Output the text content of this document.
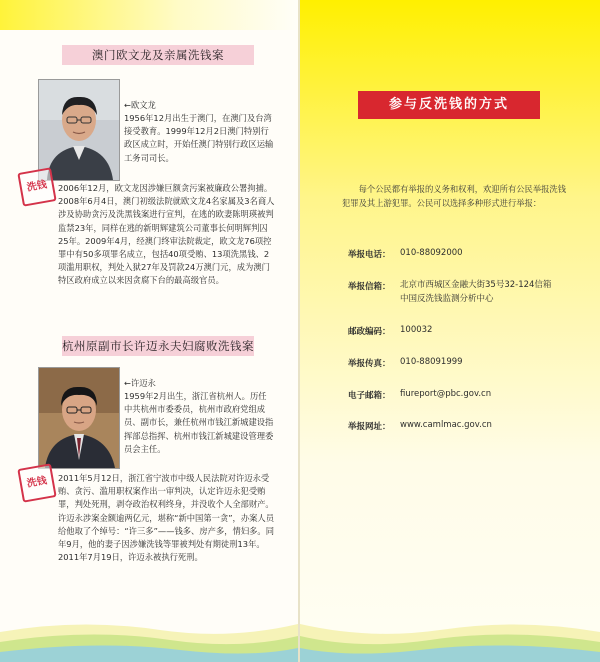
澳门欧文龙及亲属洗钱案
洗钱
←欧文龙

1956年12月出生于澳门，在澳门及台湾接受教育。1999年12月2日澳门特别行政区成立时，开始任澳门特别行政区运输工务司司长。

2006年12月，欧文龙因涉嫌巨额贪污案被廉政公署拘捕。2008年6月4日，澳门初级法院就欧文龙4名家属及3名商人涉及协助贪污及洗黑钱案进行宣判，在逃的欧妻陈明瑛被判监禁23年，同样在逃的新明辉建筑公司董事长何明辉判囚25年。2009年4月，经澳门终审法院裁定，欧文龙76项控罪中有50多项罪名成立，包括40项受贿、13项洗黑钱、2项滥用职权，判处入狱27年及罚款24万澳门元，成为澳门特区政府成立以来因贪腐下台的最高级官员。

杭州原副市长许迈永夫妇腐败洗钱案
洗钱
←许迈永

1959年2月出生，浙江省杭州人。历任中共杭州市委委员，杭州市政府党组成员、副市长，兼任杭州市钱江新城建设指挥部总指挥、杭州市钱江新城建设管理委员会主任。

2011年5月12日，浙江省宁波市中级人民法院对许迈永受贿、贪污、滥用职权案作出一审判决，认定许迈永犯受贿罪，判处死刑，剥夺政治权利终身，并没收个人全部财产。许迈永涉案金额逾两亿元，堪称“新中国第一贪”，办案人员给他取了个绰号：“许三多”——钱多、房产多，情妇多。同年9月，他的妻子因涉嫌洗钱等罪被判处有期徒刑13年。2011年7月19日，许迈永被执行死刑。

参与反洗钱的方式
每个公民都有举报的义务和权利，欢迎所有公民举报洗钱犯罪及其上游犯罪。公民可以选择多种形式进行举报：
举报电话： 010-88092000
举报信箱： 北京市西城区金融大街35号32-124信箱
中国反洗钱监测分析中心
邮政编码： 100032
举报传真： 010-88091999
电子邮箱： fiureport@pbc.gov.cn
举报网址： www.camlmac.gov.cn
